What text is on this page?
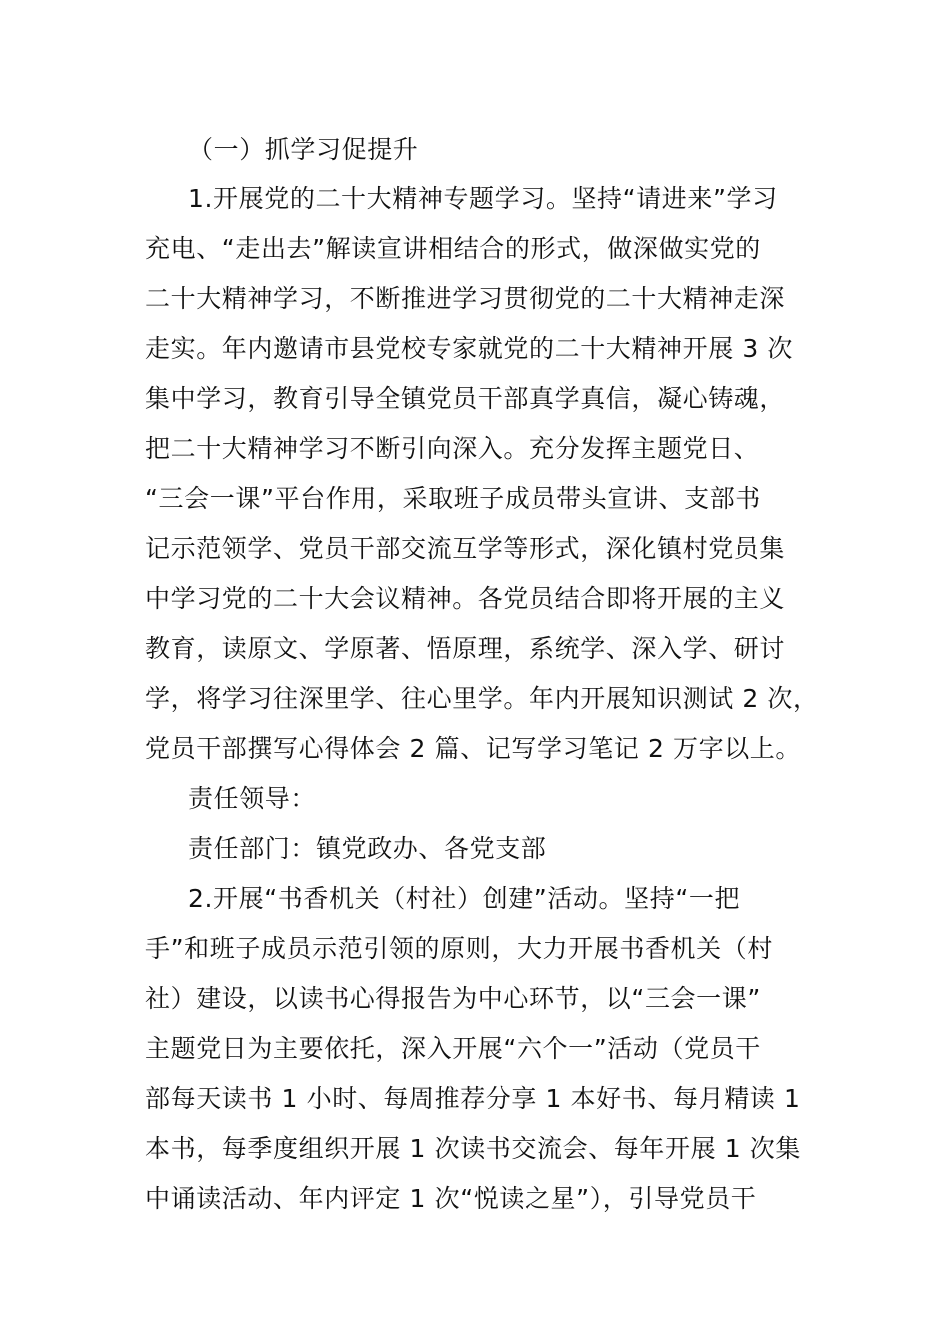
（一）抓学习促提升
1.开展党的二十大精神专题学习。坚持“请进来”学习
充电、“走出去”解读宣讲相结合的形式，做深做实党的
二十大精神学习，不断推进学习贯彻党的二十大精神走深
走实。年内邀请市县党校专家就党的二十大精神开展 3 次
集中学习，教育引导全镇党员干部真学真信，凝心铸魂，
把二十大精神学习不断引向深入。充分发挥主题党日、
“三会一课”平台作用，采取班子成员带头宣讲、支部书
记示范领学、党员干部交流互学等形式，深化镇村党员集
中学习党的二十大会议精神。各党员结合即将开展的主义
教育，读原文、学原著、悟原理，系统学、深入学、研讨
学，将学习往深里学、往心里学。年内开展知识测试 2 次，
党员干部撰写心得体会 2 篇、记写学习笔记 2 万字以上。
责任领导：
责任部门：镇党政办、各党支部
2.开展“书香机关（村社）创建”活动。坚持“一把
手”和班子成员示范引领的原则，大力开展书香机关（村
社）建设，以读书心得报告为中心环节，以“三会一课”
主题党日为主要依托，深入开展“六个一”活动（党员干
部每天读书 1 小时、每周推荐分享 1 本好书、每月精读 1
本书，每季度组织开展 1 次读书交流会、每年开展 1 次集
中诵读活动、年内评定 1 次“悦读之星”），引导党员干
